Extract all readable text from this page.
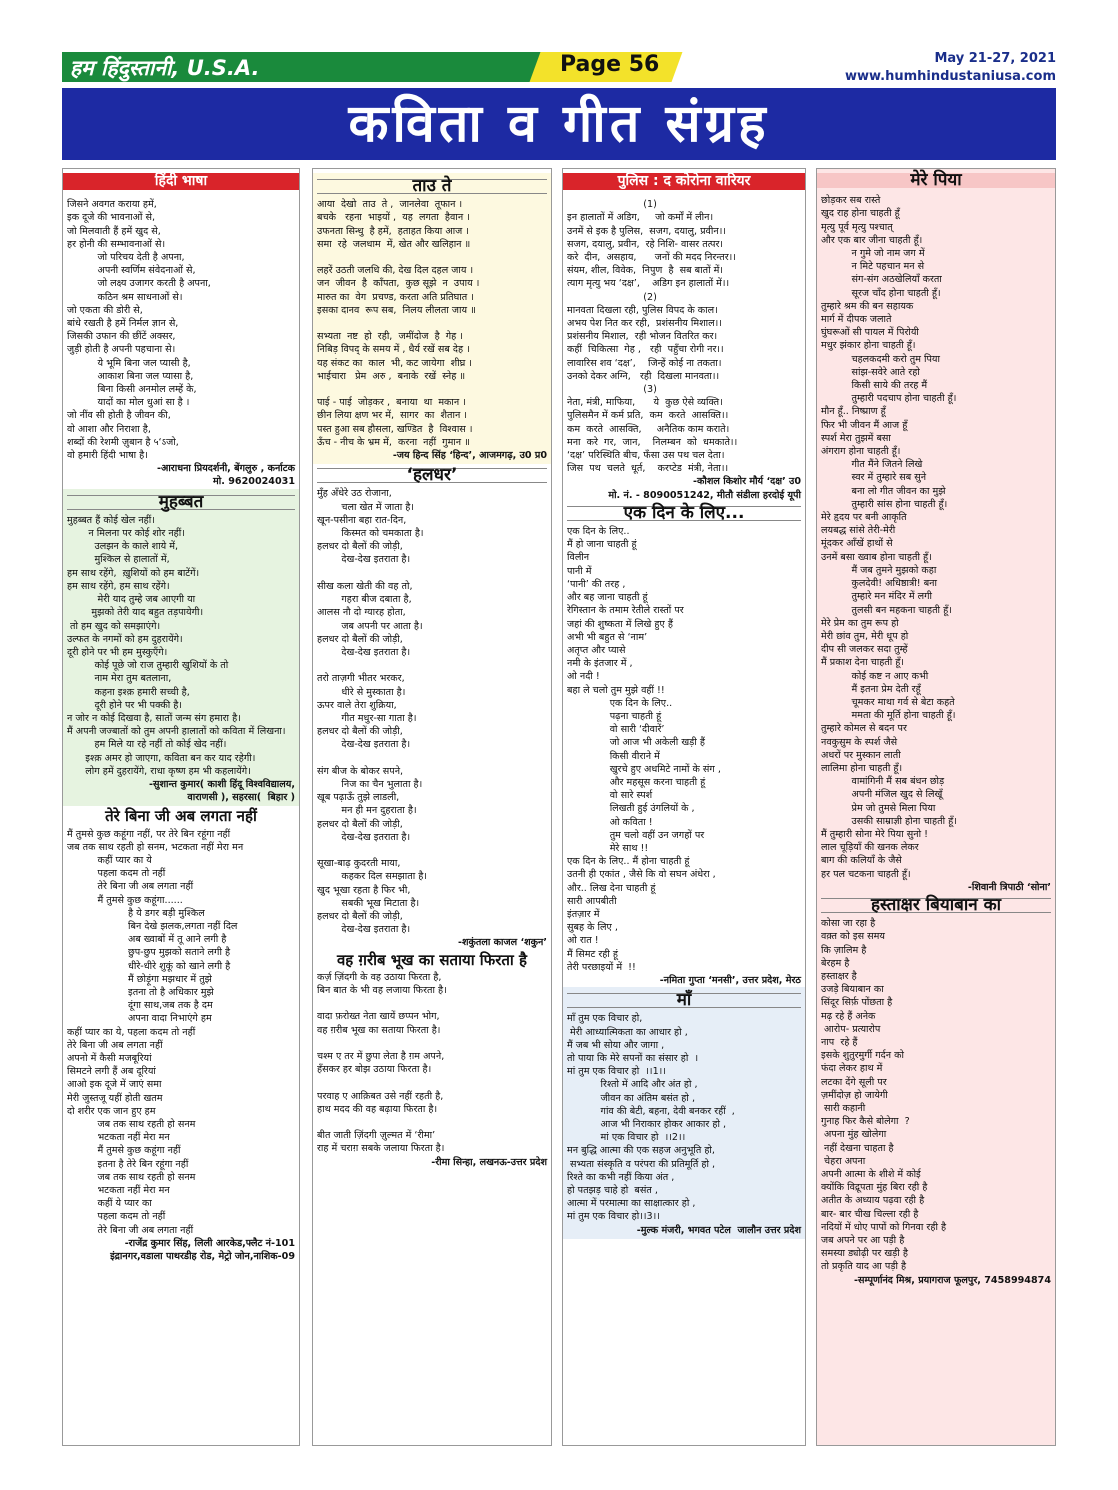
हम हिंदुस्तानी, U.S.A.	Page 56	May 21-27, 2021
www.humhindustaniusa.com
कविता व गीत संग्रह
हिंदी भाषा
जिसने अवगत कराया हमें,
इक दूजे की भावनाओं से,
जो मिलवाती हैं हमें खुद से,
हर होनी की सम्भावनाओं से।
जो परिचय देती है अपना,
अपनी स्वर्णिम संवेदनाओं से,
जो लक्ष्य उजागर करती है अपना,
कठिन श्रम साधनाओं से।
जो एकता की डोरी से,
बांधे रखती है हमें निर्मल ज्ञान से,
जिसकी उफान की छींटें अक्सर,
जुड़ी होती है अपनी पहचाना से।
ये भूमि बिना जल प्यासी है,
आकाश बिना जल प्यासा है,
बिना किसी अनमोल लम्हें के,
यादों का मोल धुआं सा है ।
जो नींव सी होती है जीवन की,
वो आशा और निराशा है,
शब्दों की रेशमी ज़ुबान है ५‘ऽजो,
वो हमारी हिंदी भाषा है।
-आराधना प्रियदर्शनी, बेंगलुरु , कर्नाटक
मो. 9620024031
मुहब्बत
मुहब्बत हैं कोई खेल नहीं।
न मिलना पर कोई शोर नहीं।
उलझन के काले शाये में,
मुश्किल से हालातों में,
हम साथ रहेंगे,  ख़ुशियों को हम बाटेंगें।
हम साथ रहेंगे, हम साथ रहेंगे।
मेरी याद तुम्हे जब आएगी या
मुझको तेरी याद बहुत तड़पायेगी।
तो हम खुद को समझाएंगे।
उल्फत के नगमों को हम दुहरायेंगे।
दूरी होने पर भी हम मुस्कुएँगे।
कोई पूछे जो राज तुम्हारी खुशियों के तो
नाम मेरा तुम बतलाना,
कहना इश्क़ हमारी सच्ची है,
दूरी होने पर भी पक्की है।
न जोर न कोई दिखवा है, सातों जन्म संग हमारा है।
मैं अपनी जज्बातों को तुम अपनी हालातों को कविता में लिखना।
हम मिले या रहे नहीं तो कोई खेद नहीं।
इश्क़ अमर हो जाएगा, कविता बन कर याद रहेगी।
लोग हमें दुहरायेंगे, राधा कृष्ण हम भी कहलायेंगे।
-सुशान्त कुमार( काशी हिंदू विश्वविद्यालय,
वाराणसी ), सहरसा(  बिहार )
तेरे बिना जी अब लगता नहीं
मैं तुमसे कुछ कहूंगा नहीं, पर तेरे बिन रहूंगा नहीं
जब तक साथ रहती हो सनम, भटकता नहीं मेरा मन
कहीं प्यार का ये
पहला कदम तो नहीं
तेरे बिना जी अब लगता नहीं
मैं तुमसे कुछ कहूंगा......
है ये डगर बड़ी मुश्किल
बिन देखे झलक,लगता नहीं दिल
अब ख्वाबों में तू आने लगी है
छुप-छुप मुझको सताने लगी है
धीरे-धीरे शुकूं को खाने लगी है
मैं छोड़ूंगा मझधार में तुझे
इतना तो है अधिकार मुझे
दूंगा साथ,जब तक है दम
अपना वादा निभाएंगे हम
कहीं प्यार का ये, पहला कदम तो नहीं
तेरे बिना जी अब लगता नहीं
अपनो में कैसी मजबूरियां
सिमटने लगी हैं अब दूरियां
आओ इक दूजे में जाएं समा
मेरी जुस्तजू यहीं होती खतम
दो शरीर एक जान हुए हम
जब तक साथ रहती हो सनम
भटकता नहीं मेरा मन
मैं तुमसे कुछ कहूंगा नहीं
इतना है तेरे बिन रहूंगा नहीं
जब तक साथ रहती हो सनम
भटकता नहीं मेरा मन
कहीं ये प्यार का
पहला कदम तो नहीं
तेरे बिना जी अब लगता नहीं
-राजेंद्र कुमार सिंह, लिली आरकेड,फ्लैट नं-101
इंद्रानगर,वडाला पाथरडीह रोड, मेट्रो जोन,नाशिक-09
ताउ ते
आया  देखो  ताउ  ते ,  जानलेवा  तूफान ।
बचके   रहना  भाइयों ,  यह  लगता  हैवान ।
उफनता सिन्धु  है हमें,  हताहत किया आज ।
समा  रहे  जलधाम  में, खेत और खलिहान ॥

लहरें उठती जलधि की, देख दिल दहल जाय ।
जन  जीवन  है  काँपता,  कुछ सूझे  न  उपाय ।
मारुत का  वेग  प्रचण्ड, करता अति प्रतिघात ।
इसका दानव  रूप सब,  निलय लीलता जाय ॥

सभ्यता  नष्ट  हो  रही,  जमींदोज  है  गेह ।
निबिड़ विपद् के समय में , धैर्य रखें सब देह ।
यह संकट का  काल  भी, कट जायेगा  शीघ्र ।
भाईचारा   प्रेम  अरु ,  बनाके  रखें  स्नेह ॥

पाई - पाई  जोड़कर ,  बनाया  था  मकान ।
छीन लिया क्षण भर में,  सागर  का  शैतान ।
पस्त हुआ सब हौसला, खण्डित  है  विश्वास ।
ऊँच - नीच के भ्रम में,  करना  नहीं  गुमान ॥
-जय हिन्द सिंह ‘हिन्द’, आजमगढ़, उ0 प्र0
‘हलधर’
मुँह अँधेरे उठ रोजाना,
चला खेत में जाता है।
खून-पसीना बहा रात-दिन,
किस्मत को चमकाता है।
हलधर दो बैलों की जोड़ी,
देख-देख इतराता है।

सीख कला खेती की वह तो,
गहरा बीज दबाता है,
आलस नौ दो ग्यारह होता,
जब अपनी पर आता है।
हलधर दो बैलों की जोड़ी,
देख-देख इतराता है।

तरो ताज़गी भीतर भरकर,
धीरे से मुस्काता है।
ऊपर वाले तेरा शुक्रिया,
गीत मधुर-सा गाता है।
हलधर दो बैलों की जोड़ी,
देख-देख इतराता है।

संग बीज के बोकर सपने,
निज का चैन भुलाता है।
खूब पढ़ाऊँ तुझे लाडली,
मन ही मन दुहराता है।
हलधर दो बैलों की जोड़ी,
देख-देख इतराता है।

सूखा-बाढ़ कुदरती माया,
कहकर दिल समझाता है।
खुद भूखा रहता है फिर भी,
सबकी भूख मिटाता है।
हलधर दो बैलों की जोड़ी,
देख-देख इतराता है।
-शकुंतला काजल ‘शकुन’
वह ग़रीब भूख का सताया फिरता है
कर्ज़ ज़िंदगी के वह उठाया फिरता है,
बिन बात के भी वह लजाया फिरता है।

वादा फ़रोख्त नेता खायें छप्पन भोग,
वह ग़रीब भूख का सताया फिरता है।

चश्म ए तर में छुपा लेता है ग़म अपने,
हँसकर हर बोझ उठाया फिरता है।

परवाह ए आक़िबत उसे नहीं रहती है,
हाथ मदद की वह बढ़ाया फिरता है।

बीत जाती ज़िंदगी ज़ुल्मत में ‘रीमा’
राह में चराग़ सबके जलाया फिरता है।
-रीमा सिन्हा, लखनऊ-उत्तर प्रदेश
पुलिस : द कोरोना वारियर
(1)
इन हालातों में अडिग,     जो कर्मों में लीन।
उनमें से इक है पुलिस,  सजग, दयालु, प्रवीन।।
सजग, दयालु, प्रवीन,  रहे निशि- वासर तत्पर।
करे  दीन,  असहाय,      जनों की मदद निरन्तर।।
संयम, शील, विवेक,  निपुण  है  सब बातों में।
त्याग मृत्यु भय ‘दक्ष’,    अडिग इन हालातों में।।
(2)
मानवता दिखला रही, पुलिस विपद के काल।
अभय पेश नित कर रही,  प्रशंसनीय मिशाल।।
प्रशंसनीय मिशाल,  रही भोजन वितरित कर।
कहीं  चिकित्सा  गेह ,   रही  पहुँचा रोगी नर।।
लावारिस शव ‘दक्ष’,    जिन्हें कोई ना तकता।
उनको देकर अग्नि,   रही  दिखला मानवता।।
(3)
नेता, मंत्री, माफिया,      ये  कुछ ऐसे व्यक्ति।
पुलिसमैन में कर्म प्रति,  कम  करते  आसक्ति।।
कम  करते  आसक्ति,     अनैतिक काम कराते।
मना  करे  गर,  जान,    निलम्बन  को  धमकाते।।
‘दक्ष’ परिस्थिति बीच, फँसा उस पथ चल देता।
जिस  पथ  चलते  धूर्त,    करप्टेड  मंत्री, नेता।।
-कौशल किशोर मौर्य ‘दक्ष’ उ0
मो. नं. - 8090051242, मीतौ संडीला हरदोई यूपी
एक दिन के लिए...
एक दिन के लिए..
मैं हो जाना चाहती हूं
विलीन
पानी में
‘पानी’ की तरह ,
और बह जाना चाहती हूं
रेगिस्तान के तमाम रेतीले रास्तों पर
जहां की शुष्कता में लिखे हुए हैं
अभी भी बहुत से ‘नाम’
अतृप्त और प्यासे
नमी के इंतजार में ,
ओ नदी !
बहा ले चलो तुम मुझे वहीं !!
एक दिन के लिए..
पढ़ना चाहती हूं
वो सारी ‘दीवारें’
जो आज भी अकेली खड़ी हैं
किसी वीराने में
खुरचे हुए अधमिटे नामों के संग ,
और महसूस करना चाहती हूं
वो सारे स्पर्श
लिखती हुई उंगलियों के ,
ओ कविता !
तुम चलो वहीं उन जगहों पर
मेरे साथ !!
एक दिन के लिए.. मैं होना चाहती हूं
उतनी ही एकांत , जैसे कि वो सघन अंधेरा ,
और.. लिख देना चाहती हूं
सारी आपबीती
इंतज़ार में
सुबह के लिए ,
ओ रात !
मैं सिमट रही हूं
तेरी परछाइयों में  !!
-नमिता गुप्ता ‘मनसी’, उत्तर प्रदेश, मेरठ
माँ
माँ तुम एक विचार हो,
मेरी आध्यात्मिकता का आधार हो ,
मैं जब भी सोया और जागा ,
तो पाया कि मेरे सपनों का संसार हो  ।
मां तुम एक विचार हो  ।।1।।
रिश्तो में आदि और अंत हो ,
जीवन का अंतिम बसंत हो ,
गांव की बेटी, बहना, देवी बनकर रहीं  ,
आज भी निराकार होकर आकार हो ,
मां एक विचार हो  ।।2।।
मन बुद्धि आत्मा की एक सहज अनुभूति हो,
सभ्यता संस्कृति व परंपरा की प्रतिमूर्ति हो ,
रिश्ते का कभी नहीं किया अंत ,
हो पतझड़ चाहे हो  बसंत ,
आत्मा में परमात्मा का साक्षात्कार हो ,
मां तुम एक विचार हो।।3।।
-मुल्क मंजरी, भगवत पटेल  जालौन उत्तर प्रदेश
मेरे पिया
छोड़कर सब रास्ते
खुद राह होना चाहती हूँ
मृत्यु पूर्व मृत्यु पश्चात्
और एक बार जीना चाहती हूँ।
न गुमे जो नाम जग में
न मिटे पहचान मन से
संग-संग अठखेलियाँ करता
सूरज चाँद होना चाहती हूँ।
तुम्हारे श्रम की बन सहायक
मार्ग में दीपक जलाते
घुंघरूओं सी पायल में पिरोयी
मधुर झंकार होना चाहती हूँ।
चहलकदमी करो तुम पिया
सांझ-सवेरे आते रहो
किसी साये की तरह मैं
तुम्हारी पदचाप होना चाहती हूँ।
मौन हूँ.. निष्प्राण हूँ
फिर भी जीवन मैं आज हूँ
स्पर्श मेरा तुझमें बसा
अंगराग होना चाहती हूँ।
गीत मैंने जितने लिखे
स्वर में तुम्हारे सब सुने
बना लो गीत जीवन का मुझे
तुम्हारी सांस होना चाहती हूँ।
मेरे हृदय पर बनी आकृति
लयबद्ध सांसे तेरी-मेरी
मूंदकर आँखें हाथों से
उनमें बसा ख्वाब होना चाहती हूँ।
मैं जब तुमने मुझको कहा
कुलदेवी! अधिष्ठात्री! बना
तुम्हारे मन मंदिर में लगी
तुलसी बन महकना चाहती हूँ।
मेरे प्रेम का तुम रूप हो
मेरी छांव तुम, मेरी धूप हो
दीप सी जलकर सदा तुम्हें
मैं प्रकाश देना चाहती हूँ।
कोई कष्ट न आए कभी
मैं इतना प्रेम देती रहूँ
चूमकर माथा गर्व से बेटा कहते
ममता की मूर्ति होना चाहती हूँ।
तुम्हारे कोमल से बदन पर
नवकुसुम के स्पर्श जैसे
अधरों पर मुस्कान लाती
लालिमा होना चाहती हूँ।
वामांगिनी मैं सब बंधन छोड़
अपनी मंजिल खुद से लिखूँ
प्रेम जो तुमसे मिला पिया
उसकी साम्राज्ञी होना चाहती हूँ।
मैं तुम्हारी सोना मेरे पिया सुनो !
लाल चूड़ियाँ की खनक लेकर
बाग की कलियाँ के जैसे
हर पल चटकना चाहती हूँ।
-शिवानी त्रिपाठी ‘सोना’
हस्ताक्षर बियाबान का
कोसा जा रहा है
वक़्त को इस समय
कि ज़ालिम है
बेरहम है
हस्ताक्षर है
उजड़े बियाबान का
सिंदूर सिर्फ़ पोंछता है
मढ़ रहे हैं अनेक
आरोप- प्रत्यारोप
नाप  रहे हैं
इसके शुतुरमुर्गी गर्दन को
फंदा लेकर हाथ में
लटका देंगे सूली पर
ज़मींदोज़ हो जायेगी
सारी कहानी
गुनाह फिर कैसे बोलेगा  ?
अपना मुंह खोलेगा
नहीं देखना चाहता है
चेहरा अपना
अपनी आत्मा के शीशे में कोई
क्योंकि विद्रूपता मुंह बिरा रही है
अतीत के अध्याय पढ़वा रही है
बार- बार चीख चिल्ला रही है
नदियों में धोए पापों को गिनवा रही है
जब अपने पर आ पड़ी है
समस्या ड्योढ़ी पर खड़ी है
तो प्रकृति याद आ पड़ी है
-सम्पूर्णानंद मिश्र, प्रयागराज फूलपुर, 7458994874
